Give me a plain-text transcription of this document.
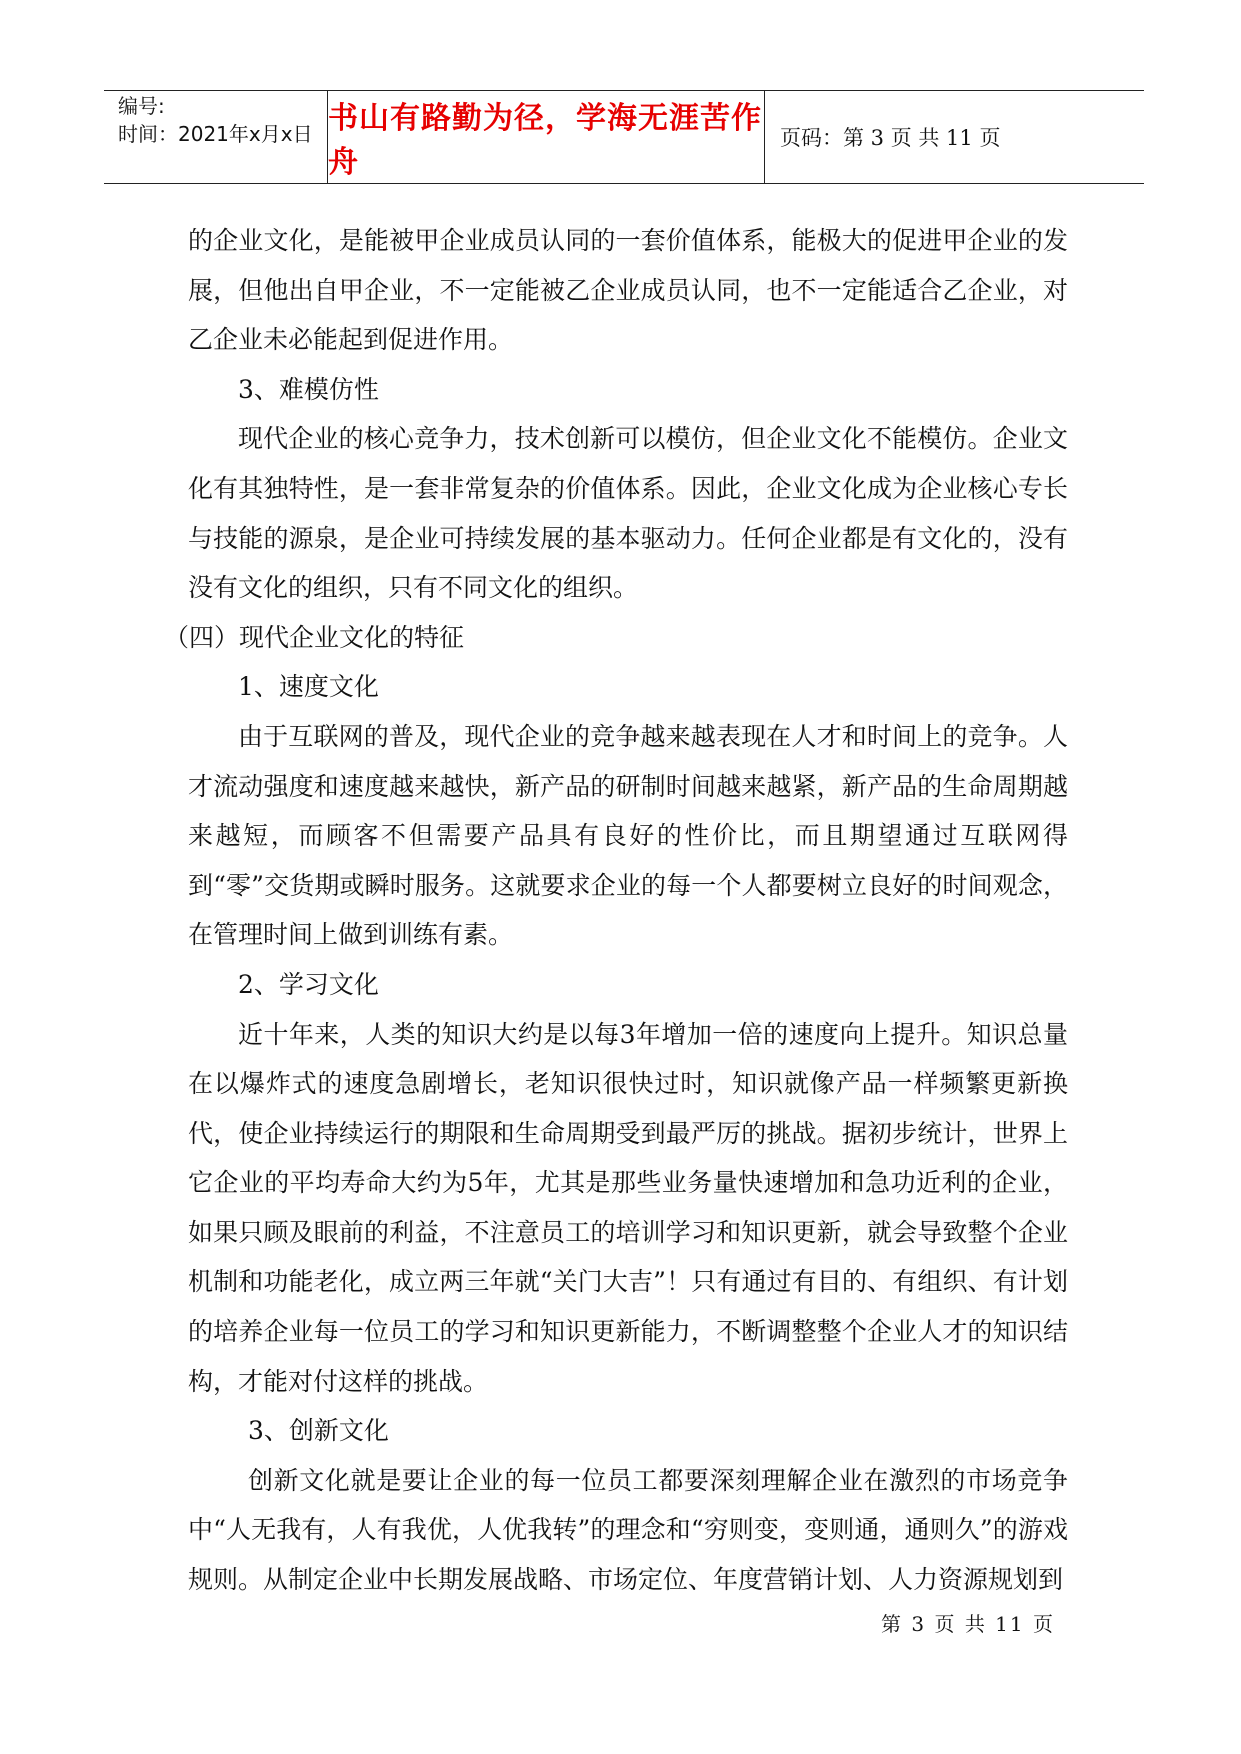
编号:
时间：2021年x月x日 书山有路勤为径，学海无涯苦作舟
页码：第 3 页 共 11 页

的企业文化，是能被甲企业成员认同的一套价值体系，能极大的促进甲企业的发展，但他出自甲企业，不一定能被乙企业成员认同，也不一定能适合乙企业，对乙企业未必能起到促进作用。

3、难模仿性

现代企业的核心竞争力，技术创新可以模仿，但企业文化不能模仿。企业文化有其独特性，是一套非常复杂的价值体系。因此，企业文化成为企业核心专长与技能的源泉，是企业可持续发展的基本驱动力。任何企业都是有文化的，没有没有文化的组织，只有不同文化的组织。

（四）现代企业文化的特征

1、速度文化

由于互联网的普及，现代企业的竞争越来越表现在人才和时间上的竞争。人才流动强度和速度越来越快，新产品的研制时间越来越紧，新产品的生命周期越来越短，而顾客不但需要产品具有良好的性价比，而且期望通过互联网得到“零”交货期或瞬时服务。这就要求企业的每一个人都要树立良好的时间观念，在管理时间上做到训练有素。

2、学习文化

近十年来，人类的知识大约是以每3年增加一倍的速度向上提升。知识总量在以爆炸式的速度急剧增长，老知识很快过时，知识就像产品一样频繁更新换代，使企业持续运行的期限和生命周期受到最严厉的挑战。据初步统计，世界上它企业的平均寿命大约为5年，尤其是那些业务量快速增加和急功近利的企业，如果只顾及眼前的利益，不注意员工的培训学习和知识更新，就会导致整个企业机制和功能老化，成立两三年就“关门大吉”！只有通过有目的、有组织、有计划的培养企业每一位员工的学习和知识更新能力，不断调整整个企业人才的知识结构，才能对付这样的挑战。

3、创新文化

创新文化就是要让企业的每一位员工都要深刻理解企业在激烈的市场竞争中“人无我有，人有我优，人优我转”的理念和“穷则变，变则通，通则久”的游戏规则。从制定企业中长期发展战略、市场定位、年度营销计划、人力资源规划到

第 3 页 共 11 页
